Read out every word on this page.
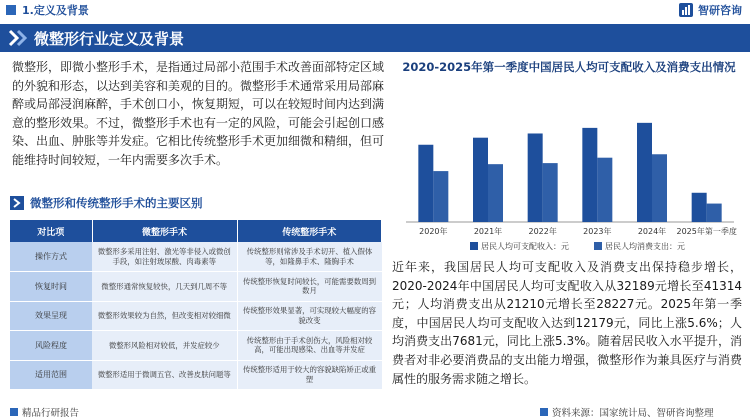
1.定义及背景	智研咨询
微整形行业定义及背景
微整形，即微小整形手术，是指通过局部小范围手术改善面部特定区域的外貌和形态，以达到美容和美观的目的。微整形手术通常采用局部麻醉或局部浸润麻醉，手术创口小，恢复期短，可以在较短时间内达到满意的整形效果。不过，微整形手术也有一定的风险，可能会引起创口感染、出血、肿胀等并发症。它相比传统整形手术更加细微和精细，但可能维持时间较短，一年内需要多次手术。
微整形和传统整形手术的主要区别
对比项	微整形手术	传统整形手术
操作方式	微整形多采用注射、激光等非侵入或微创手段，如注射玻尿酸、肉毒素等	传统整形则常涉及手术切开、植入假体等，如隆鼻手术、隆胸手术
恢复时间	微整形通常恢复较快，几天到几周不等	传统整形恢复时间较长，可能需要数周到数月
效果呈现	微整形效果较为自然，但改变相对较细微	传统整形效果显著，可实现较大幅度的容貌改变
风险程度	微整形风险相对较低，并发症较少	传统整形由于手术创伤大，风险相对较高，可能出现感染、出血等并发症
适用范围	微整形适用于微调五官、改善皮肤问题等	传统整形适用于较大的容貌缺陷矫正或重塑
2020-2025年第一季度中国居民人均可支配收入及消费支出情况
2020年	2021年	2022年	2023年	2024年 2025年第一季度
居民人均可支配收入：元	居民人均消费支出：元
近年来，我国居民人均可支配收入及消费支出保持稳步增长，2020-2024年中国居民人均可支配收入从32189元增长至41314元；人均消费支出从21210元增长至28227元。2025年第一季度，中国居民人均可支配收入达到12179元，同比上涨5.6%；人均消费支出7681元，同比上涨5.3%。随着居民收入水平提升，消费者对非必要消费品的支出能力增强，微整形作为兼具医疗与消费属性的服务需求随之增长。
精品行研报告	资料来源：国家统计局、智研咨询整理
